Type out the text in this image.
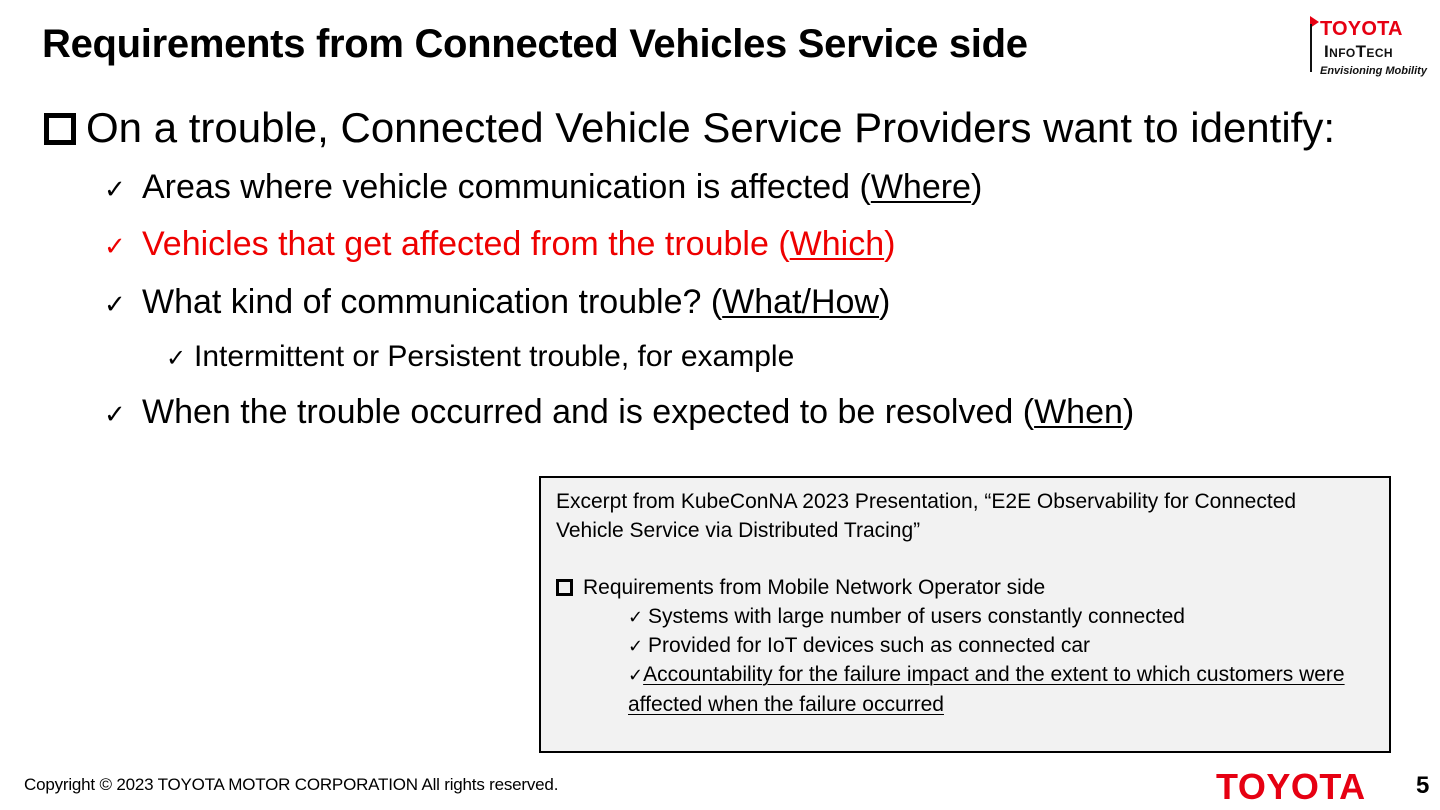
Requirements from Connected Vehicles Service side	TOYOTA
InfoTech
Envisioning Mobility
On a trouble, Connected Vehicle Service Providers want to identify:
✓ Areas where vehicle communication is affected ( Where )
✓ Vehicles that get affected from the trouble ( Which )
✓ What kind of communication trouble? ( What/How )
✓ Intermittent or Persistent trouble, for example
✓ When the trouble occurred and is expected to be resolved ( When )
Excerpt from KubeConNA 2023 Presentation, “E2E Observability for Connected Vehicle Service via Distributed Tracing”
Requirements from Mobile Network Operator side
✓ Systems with large number of users constantly connected
✓ Provided for IoT devices such as connected car
✓Accountability for the failure impact and the extent to which customers were affected when the failure occurred
Copyright © 2023 TOYOTA MOTOR CORPORATION All rights reserved.	TOYOTA 5
